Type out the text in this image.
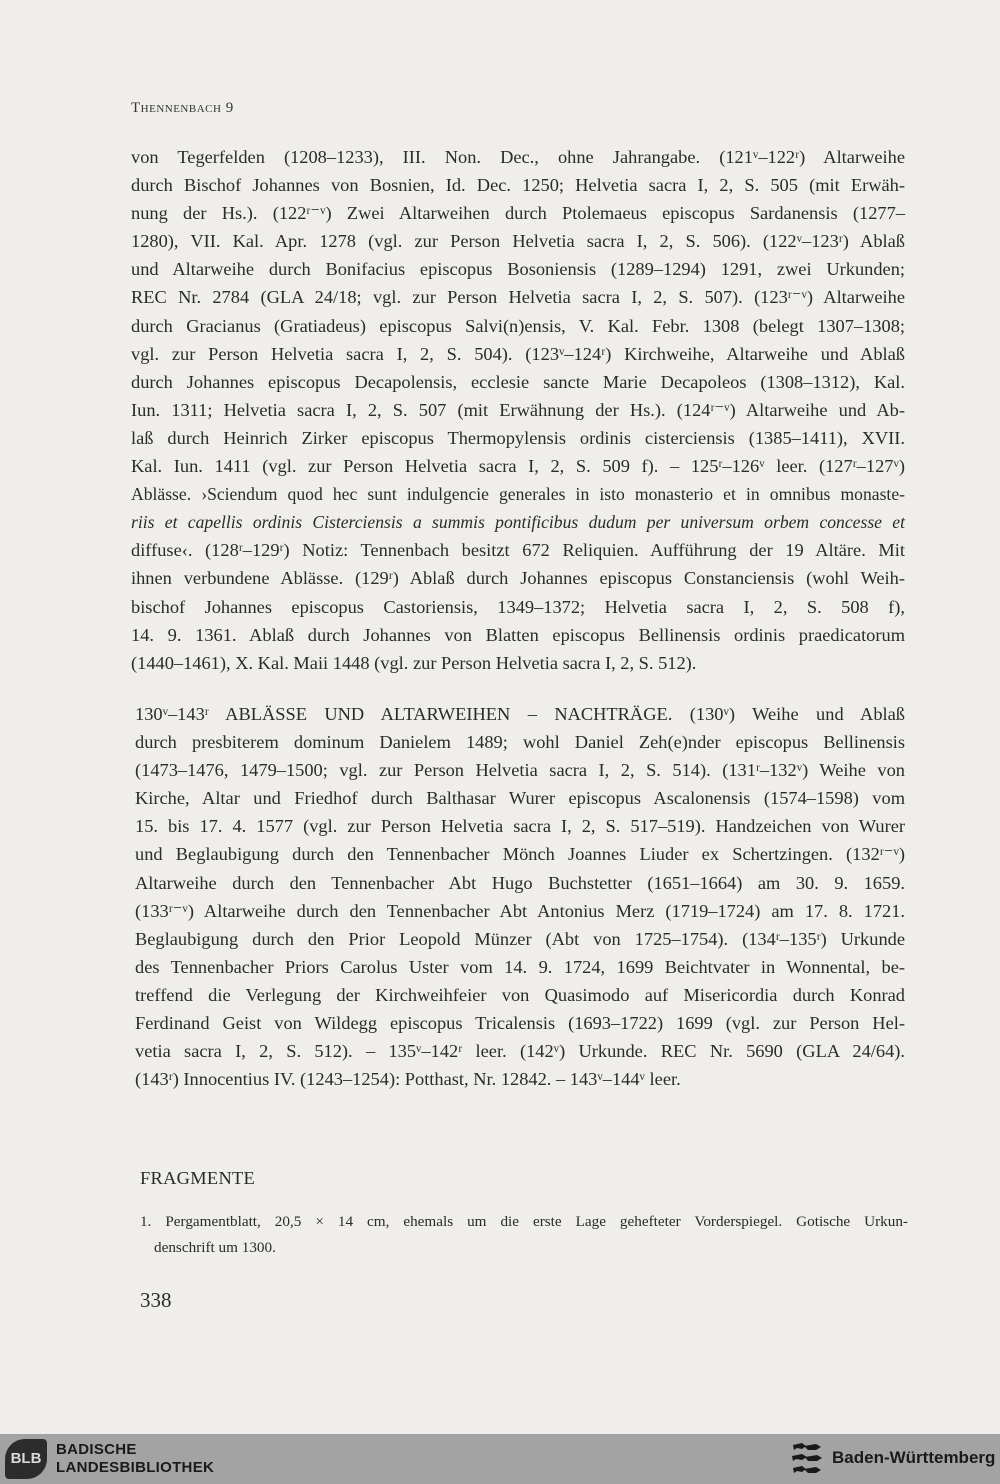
Thennenbach 9
von Tegerfelden (1208–1233), III. Non. Dec., ohne Jahrangabe. (121ᵛ–122ʳ) Altarweihe
durch Bischof Johannes von Bosnien, Id. Dec. 1250; Helvetia sacra I, 2, S. 505 (mit Erwäh-
nung der Hs.). (122ʳ⁻ᵛ) Zwei Altarweihen durch Ptolemaeus episcopus Sardanensis (1277–
1280), VII. Kal. Apr. 1278 (vgl. zur Person Helvetia sacra I, 2, S. 506). (122ᵛ–123ʳ) Ablaß
und Altarweihe durch Bonifacius episcopus Bosoniensis (1289–1294) 1291, zwei Urkunden;
REC Nr. 2784 (GLA 24/18; vgl. zur Person Helvetia sacra I, 2, S. 507). (123ʳ⁻ᵛ) Altarweihe
durch Gracianus (Gratiadeus) episcopus Salvi(n)ensis, V. Kal. Febr. 1308 (belegt 1307–1308;
vgl. zur Person Helvetia sacra I, 2, S. 504). (123ᵛ–124ʳ) Kirchweihe, Altarweihe und Ablaß
durch Johannes episcopus Decapolensis, ecclesie sancte Marie Decapoleos (1308–1312), Kal.
Iun. 1311; Helvetia sacra I, 2, S. 507 (mit Erwähnung der Hs.). (124ʳ⁻ᵛ) Altarweihe und Ab-
laß durch Heinrich Zirker episcopus Thermopylensis ordinis cisterciensis (1385–1411), XVII.
Kal. Iun. 1411 (vgl. zur Person Helvetia sacra I, 2, S. 509 f). – 125ʳ–126ᵛ leer. (127ʳ–127ᵛ)
Ablässe. ›Sciendum quod hec sunt indulgencie generales in isto monasterio et in omnibus monaste-
riis et capellis ordinis Cisterciensis a summis pontificibus dudum per universum orbem concesse et
diffuse‹. (128ʳ–129ʳ) Notiz: Tennenbach besitzt 672 Reliquien. Aufführung der 19 Altäre. Mit
ihnen verbundene Ablässe. (129ʳ) Ablaß durch Johannes episcopus Constanciensis (wohl Weih-
bischof Johannes episcopus Castoriensis, 1349–1372; Helvetia sacra I, 2, S. 508 f),
14. 9. 1361. Ablaß durch Johannes von Blatten episcopus Bellinensis ordinis praedicatorum
(1440–1461), X. Kal. Maii 1448 (vgl. zur Person Helvetia sacra I, 2, S. 512).
130ᵛ–143ʳ ABLÄSSE UND ALTARWEIHEN – NACHTRÄGE. (130ᵛ) Weihe und Ablaß
durch presbiterem dominum Danielem 1489; wohl Daniel Zeh(e)nder episcopus Bellinensis
(1473–1476, 1479–1500; vgl. zur Person Helvetia sacra I, 2, S. 514). (131ʳ–132ᵛ) Weihe von
Kirche, Altar und Friedhof durch Balthasar Wurer episcopus Ascalonensis (1574–1598) vom
15. bis 17. 4. 1577 (vgl. zur Person Helvetia sacra I, 2, S. 517–519). Handzeichen von Wurer
und Beglaubigung durch den Tennenbacher Mönch Joannes Liuder ex Schertzingen. (132ʳ⁻ᵛ)
Altarweihe durch den Tennenbacher Abt Hugo Buchstetter (1651–1664) am 30. 9. 1659.
(133ʳ⁻ᵛ) Altarweihe durch den Tennenbacher Abt Antonius Merz (1719–1724) am 17. 8. 1721.
Beglaubigung durch den Prior Leopold Münzer (Abt von 1725–1754). (134ʳ–135ʳ) Urkunde
des Tennenbacher Priors Carolus Uster vom 14. 9. 1724, 1699 Beichtvater in Wonnental, be-
treffend die Verlegung der Kirchweihfeier von Quasimodo auf Misericordia durch Konrad
Ferdinand Geist von Wildegg episcopus Tricalensis (1693–1722) 1699 (vgl. zur Person Hel-
vetia sacra I, 2, S. 512). – 135ᵛ–142ʳ leer. (142ᵛ) Urkunde. REC Nr. 5690 (GLA 24/64).
(143ʳ) Innocentius IV. (1243–1254): Potthast, Nr. 12842. – 143ᵛ–144ᵛ leer.
FRAGMENTE
1. Pergamentblatt, 20,5 × 14 cm, ehemals um die erste Lage gehefteter Vorderspiegel. Gotische Urkun-
denschrift um 1300.
338
BLB
BADISCHE
LANDESBIBLIOTHEK
Baden-Württemberg
